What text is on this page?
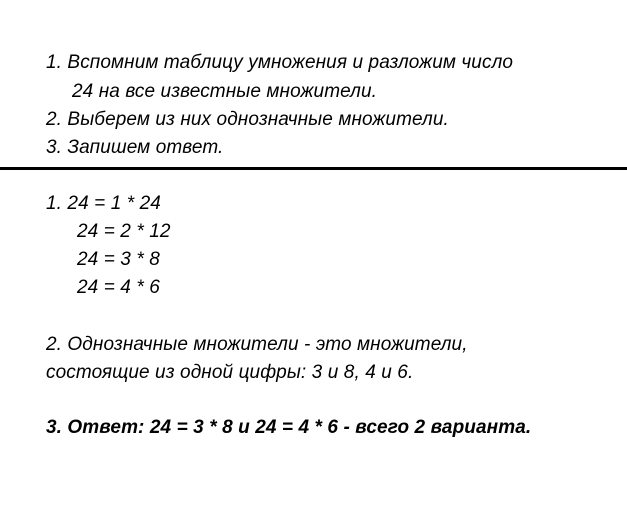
1. Вспомним таблицу умножения и разложим число
24 на все известные множители.
2. Выберем из них однозначные множители.
3. Запишем ответ.
1. 24 = 1 * 24
24 = 2 * 12
24 = 3 * 8
24 = 4 * 6
2. Однозначные множители - это множители,
состоящие из одной цифры: 3 и 8, 4 и 6.
3. Ответ: 24 = 3 * 8 и 24 = 4 * 6 - всего 2 варианта.
